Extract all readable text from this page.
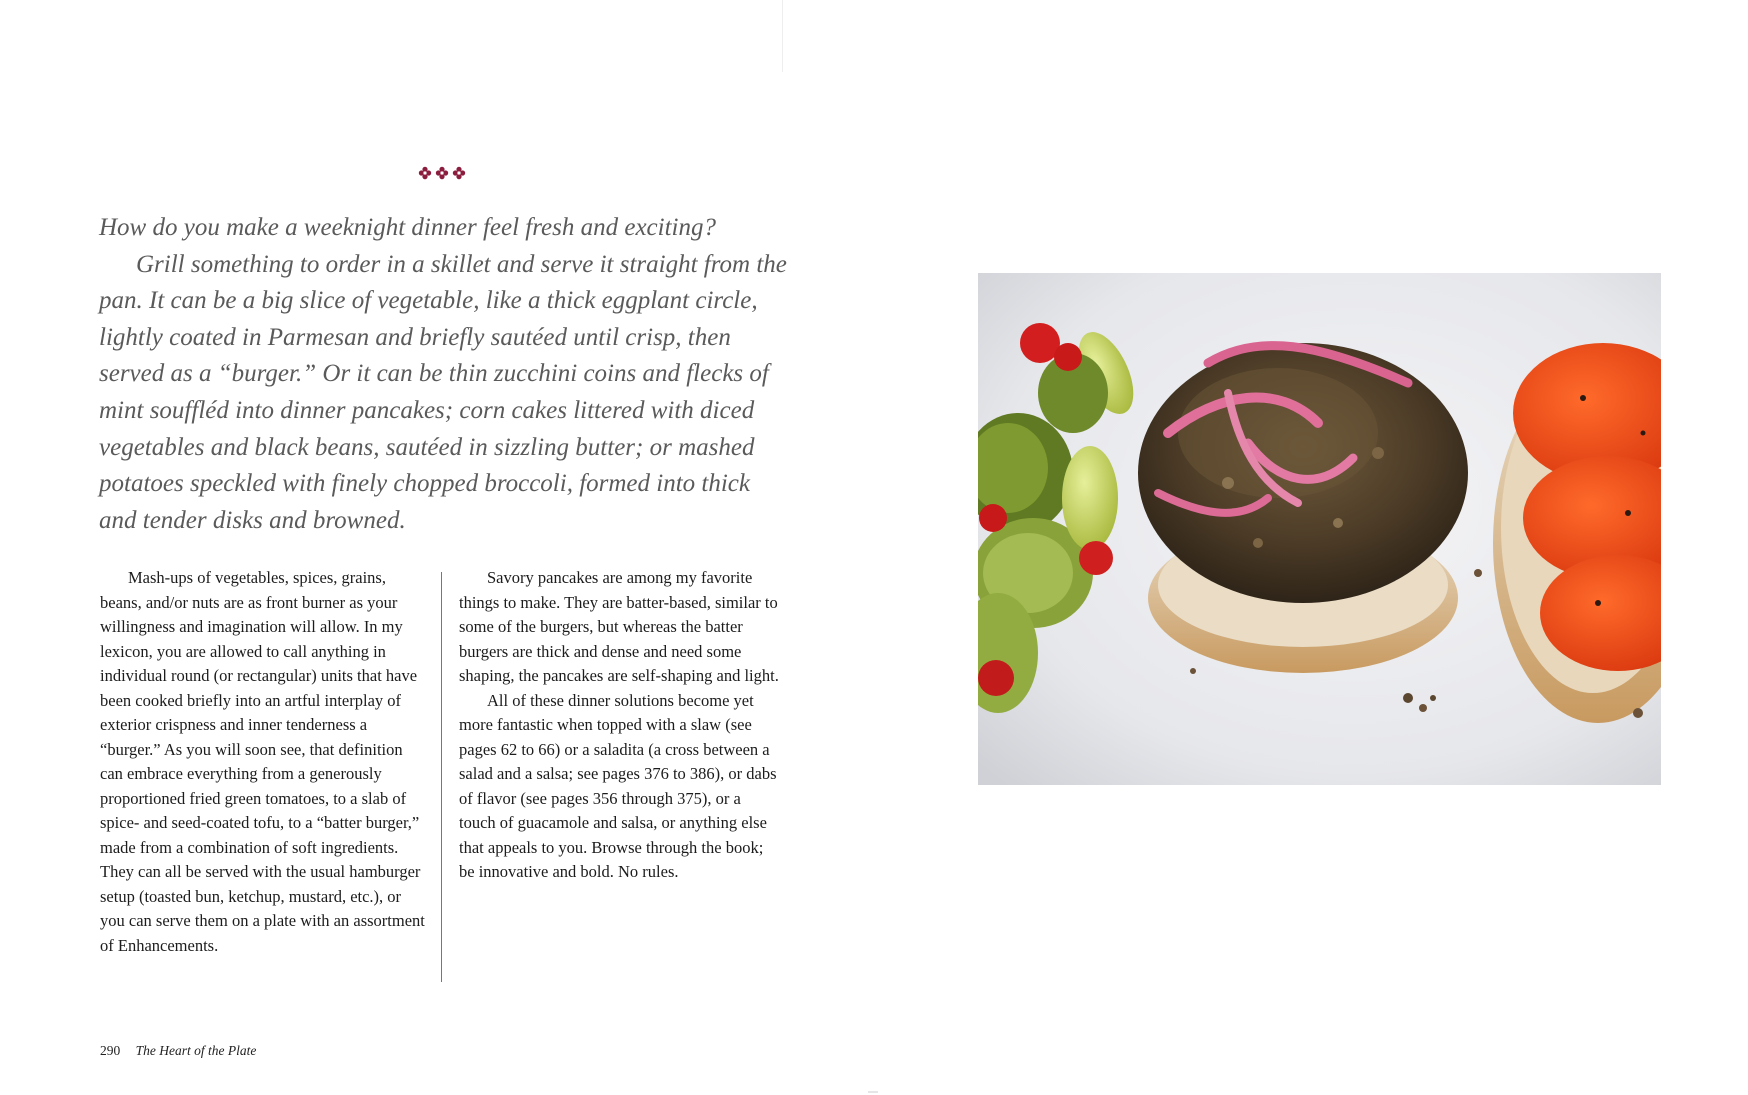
How do you make a weeknight dinner feel fresh and exciting?

Grill something to order in a skillet and serve it straight from the pan. It can be a big slice of vegetable, like a thick eggplant circle, lightly coated in Parmesan and briefly sautéed until crisp, then served as a “burger.” Or it can be thin zucchini coins and flecks of mint souffléd into dinner pancakes; corn cakes littered with diced vegetables and black beans, sautéed in sizzling butter; or mashed potatoes speckled with finely chopped broccoli, formed into thick and tender disks and browned.

Mash-ups of vegetables, spices, grains, beans, and/or nuts are as front burner as your willingness and imagination will allow. In my lexicon, you are allowed to call anything in individual round (or rectangular) units that have been cooked briefly into an artful interplay of exterior crispness and inner tenderness a “burger.” As you will soon see, that definition can embrace everything from a generously proportioned fried green tomatoes, to a slab of spice- and seed-coated tofu, to a “batter burger,” made from a combination of soft ingredients. They can all be served with the usual hamburger setup (toasted bun, ketchup, mustard, etc.), or you can serve them on a plate with an assortment of Enhancements.

Savory pancakes are among my favorite things to make. They are batter-based, similar to some of the burgers, but whereas the batter burgers are thick and dense and need some shaping, the pancakes are self-shaping and light.

All of these dinner solutions become yet more fantastic when topped with a slaw (see pages 62 to 66) or a saladita (a cross between a salad and a salsa; see pages 376 to 386), or dabs of flavor (see pages 356 through 375), or a touch of guacamole and salsa, or anything else that appeals to you. Browse through the book; be innovative and bold. No rules.

290 The Heart of the Plate
